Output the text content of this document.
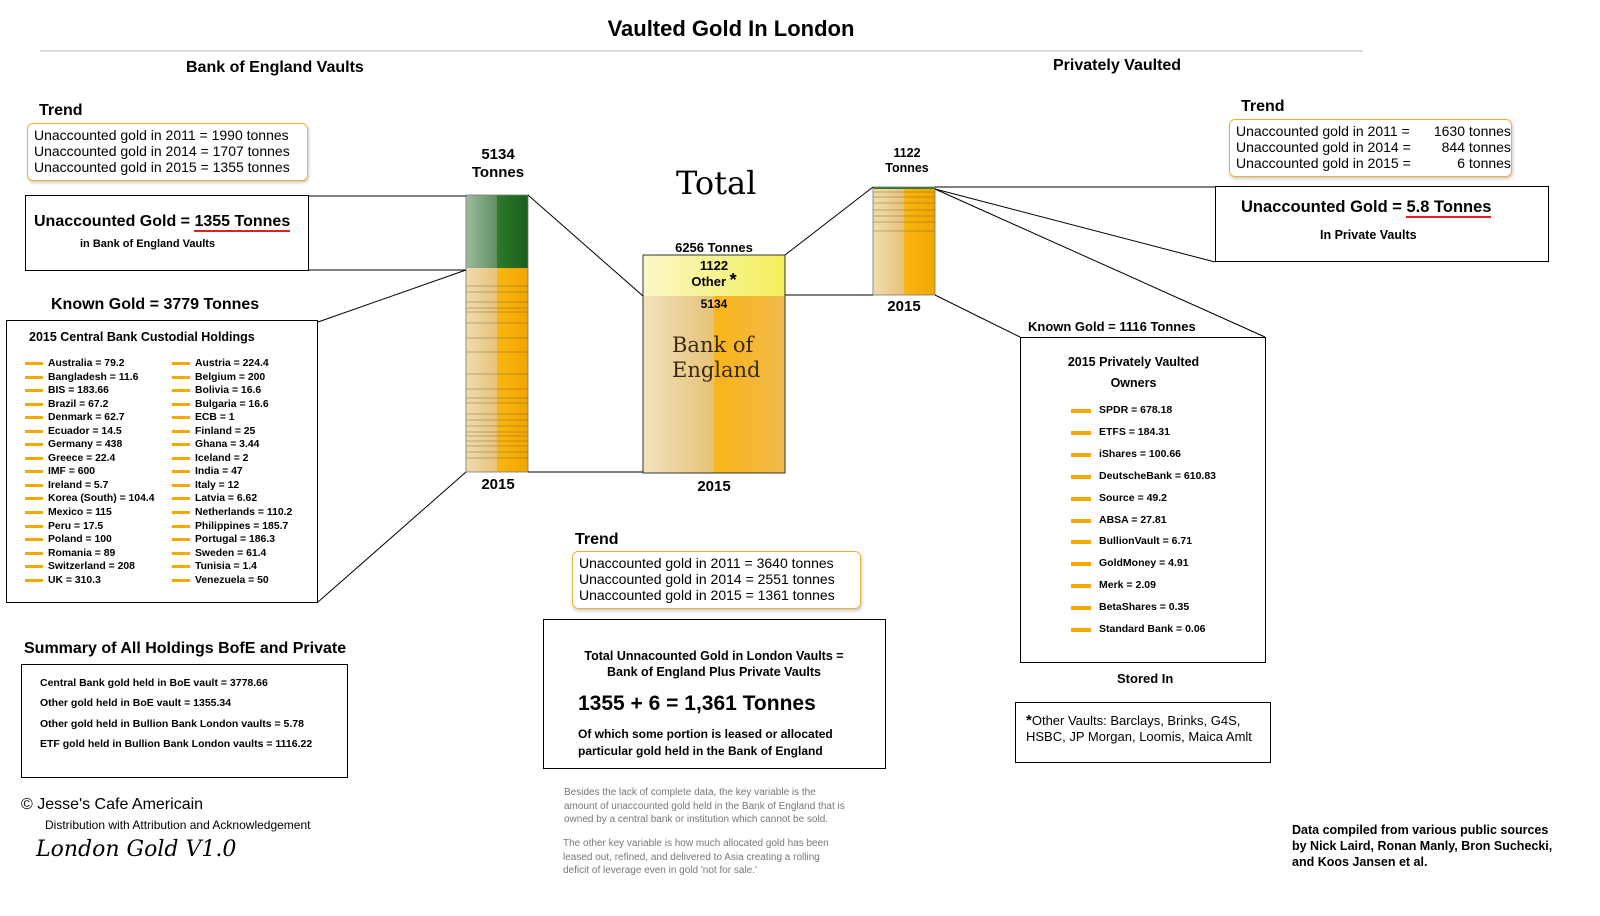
Vaulted Gold In London
Bank of England Vaults
Trend
Unaccounted gold in 2011 = 1990 tonnes
Unaccounted gold in 2014 = 1707 tonnes
Unaccounted gold in 2015 = 1355 tonnes
Unaccounted Gold = 1355 Tonnes
in Bank of England Vaults
5134
Tonnes
2015
Known Gold = 3779 Tonnes
2015 Central Bank Custodial Holdings
Australia = 79.2
Bangladesh = 11.6
BIS = 183.66
Brazil = 67.2
Denmark = 62.7
Ecuador = 14.5
Germany = 438
Greece = 22.4
IMF = 600
Ireland = 5.7
Korea (South) = 104.4
Mexico = 115
Peru = 17.5
Poland = 100
Romania = 89
Switzerland = 208
UK = 310.3
Austria = 224.4
Belgium = 200
Bolivia = 16.6
Bulgaria = 16.6
ECB = 1
Finland = 25
Ghana = 3.44
Iceland = 2
India = 47
Italy = 12
Latvia = 6.62
Netherlands = 110.2
Philippines = 185.7
Portugal = 186.3
Sweden = 61.4
Tunisia = 1.4
Venezuela = 50
Summary of All Holdings BofE and Private
Central Bank gold held in BoE vault = 3778.66
Other gold held in BoE vault = 1355.34
Other gold held in Bullion Bank London vaults = 5.78
ETF gold held in Bullion Bank London vaults = 1116.22
© Jesse's Cafe Americain
Distribution with Attribution and Acknowledgement
London Gold V1.0
Total
6256 Tonnes
1122
Other *
5134
Bank of
England
2015
Trend
Unaccounted gold in 2011 = 3640 tonnes
Unaccounted gold in 2014 = 2551 tonnes
Unaccounted gold in 2015 = 1361 tonnes
Total Unnacounted Gold in London Vaults =
Bank of England Plus Private Vaults
1355 + 6 = 1,361 Tonnes
Of which some portion is leased or allocated
particular gold held in the Bank of England
Besides the lack of complete data, the key variable is the
amount of unaccounted gold held in the Bank of England that is
owned by a central bank or institution which cannot be sold.
The other key variable is how much allocated gold has been
leased out, refined, and delivered to Asia creating a rolling
deficit of leverage even in gold 'not for sale.'
Privately Vaulted
1122
Tonnes
2015
Trend
Unaccounted gold in 2011 =1630 tonnes
Unaccounted gold in 2014 =844 tonnes
Unaccounted gold in 2015 =	6 tonnes
Unaccounted Gold = 5.8 Tonnes
In Private Vaults
Known Gold = 1116 Tonnes
2015 Privately Vaulted
Owners
SPDR = 678.18
ETFS = 184.31
iShares = 100.66
DeutscheBank = 610.83
Source = 49.2
ABSA = 27.81
BullionVault = 6.71
GoldMoney = 4.91
Merk = 2.09
BetaShares = 0.35
Standard Bank = 0.06
Stored In
*Other Vaults: Barclays, Brinks, G4S,
HSBC, JP Morgan, Loomis, Maica Amlt
Data compiled from various public sources
by Nick Laird, Ronan Manly, Bron Suchecki,
and Koos Jansen et al.
